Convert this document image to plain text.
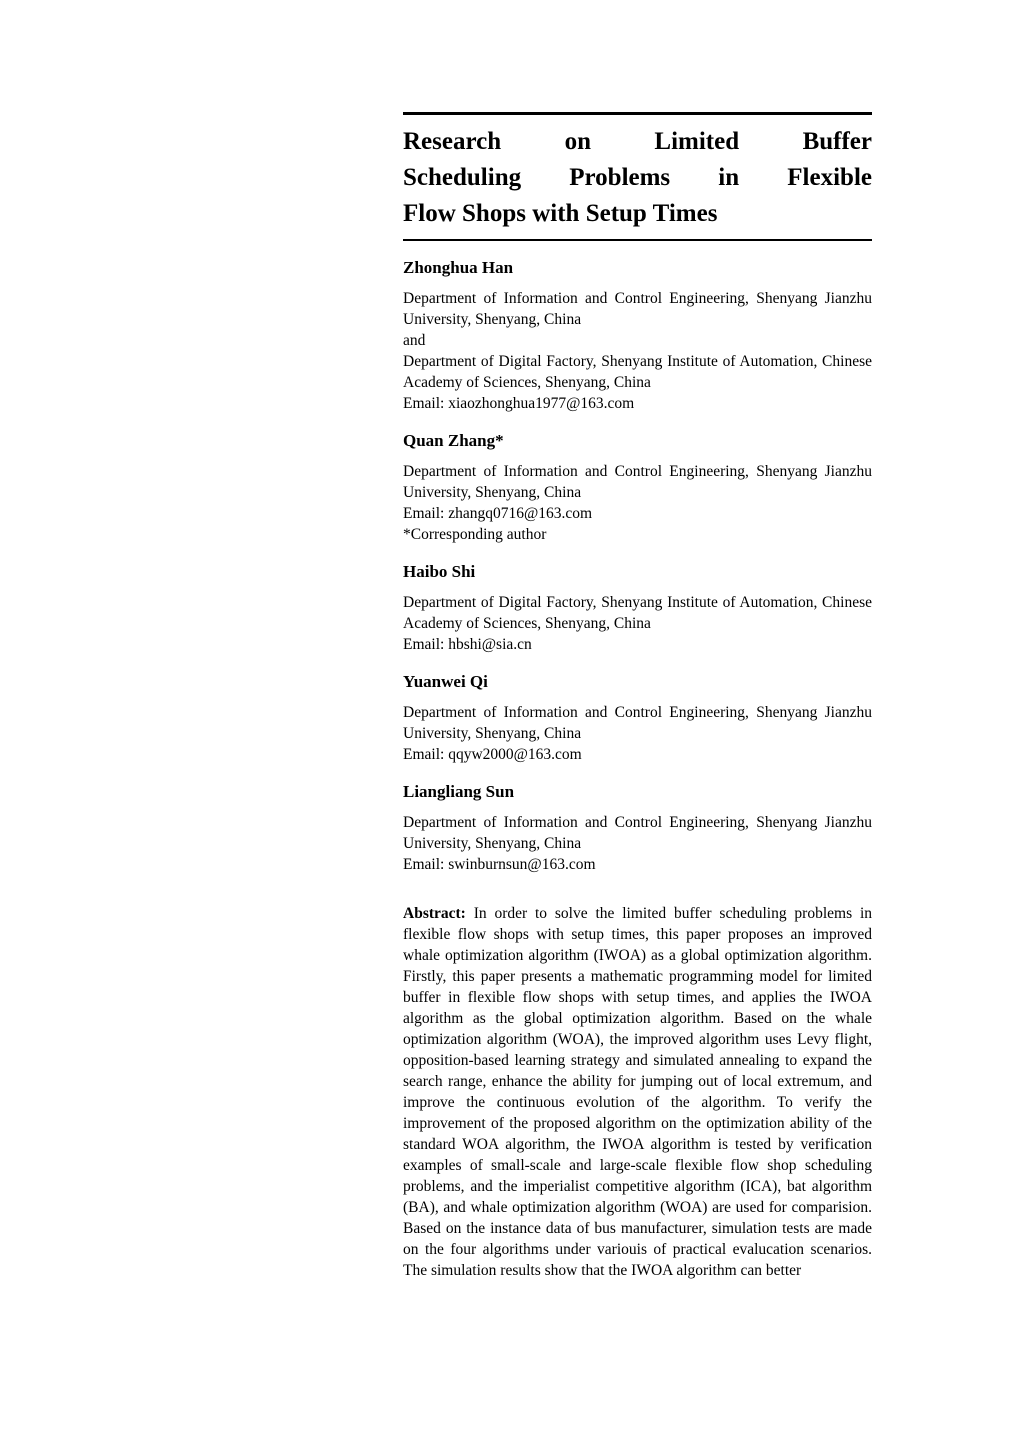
Research on Limited Buffer
Scheduling Problems in Flexible
Flow Shops with Setup Times
Zhonghua Han
Department of Information and Control Engineering, Shenyang Jianzhu University, Shenyang, China
and
Department of Digital Factory, Shenyang Institute of Automation, Chinese Academy of Sciences, Shenyang, China
Email: xiaozhonghua1977@163.com
Quan Zhang*
Department of Information and Control Engineering, Shenyang Jianzhu University, Shenyang, China
Email: zhangq0716@163.com
*Corresponding author
Haibo Shi
Department of Digital Factory, Shenyang Institute of Automation, Chinese Academy of Sciences, Shenyang, China
Email: hbshi@sia.cn
Yuanwei Qi
Department of Information and Control Engineering, Shenyang Jianzhu University, Shenyang, China
Email: qqyw2000@163.com
Liangliang Sun
Department of Information and Control Engineering, Shenyang Jianzhu University, Shenyang, China
Email: swinburnsun@163.com
Abstract: In order to solve the limited buffer scheduling problems in flexible flow shops with setup times, this paper proposes an improved whale optimization algorithm (IWOA) as a global optimization algorithm. Firstly, this paper presents a mathematic programming model for limited buffer in flexible flow shops with setup times, and applies the IWOA algorithm as the global optimization algorithm. Based on the whale optimization algorithm (WOA), the improved algorithm uses Levy flight, opposition-based learning strategy and simulated annealing to expand the search range, enhance the ability for jumping out of local extremum, and improve the continuous evolution of the algorithm. To verify the improvement of the proposed algorithm on the optimization ability of the standard WOA algorithm, the IWOA algorithm is tested by verification examples of small-scale and large-scale flexible flow shop scheduling problems, and the imperialist competitive algorithm (ICA), bat algorithm (BA), and whale optimization algorithm (WOA) are used for comparision. Based on the instance data of bus manufacturer, simulation tests are made on the four algorithms under variouis of practical evalucation scenarios. The simulation results show that the IWOA algorithm can better
